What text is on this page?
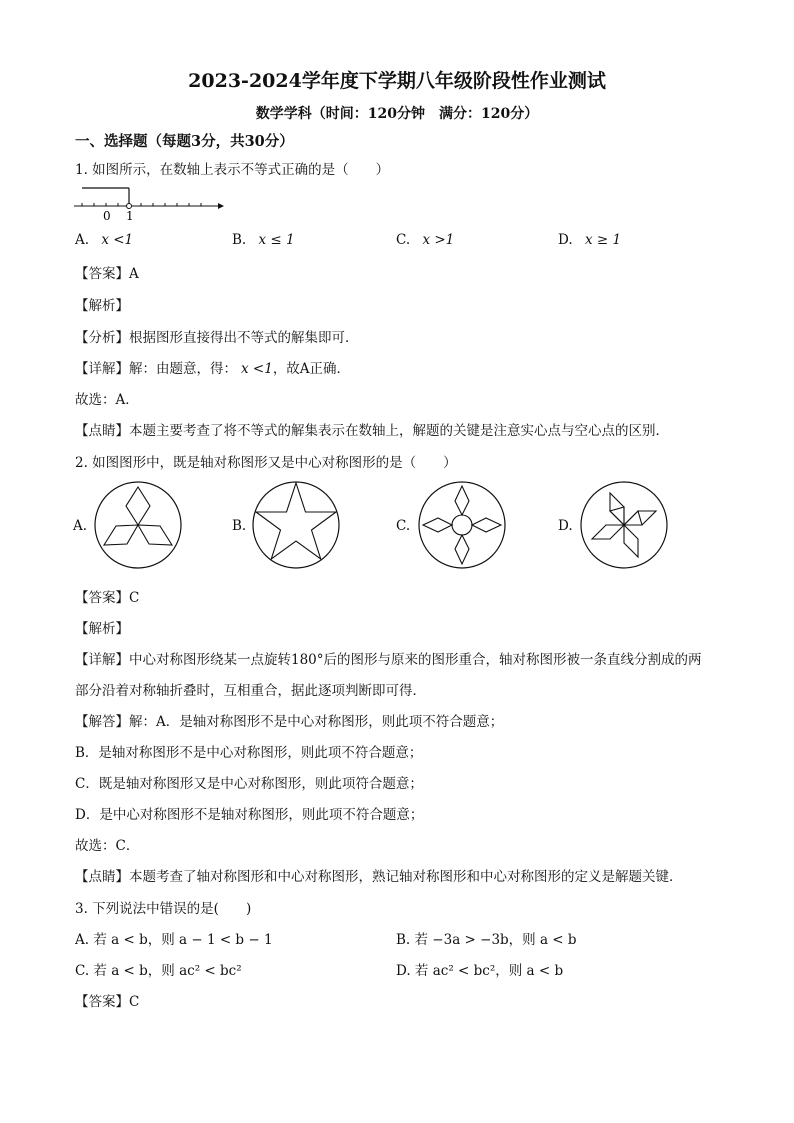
2023-2024学年度下学期八年级阶段性作业测试
数学学科（时间：120分钟　满分：120分）
一、选择题（每题3分，共30分）
1. 如图所示，在数轴上表示不等式正确的是（　　）
0 1
A. x <1	B. x ≤ 1	C. x >1	D. x ≥ 1
【答案】A
【解析】
【分析】根据图形直接得出不等式的解集即可．
【详解】解：由题意，得： x <1，故A正确．
故选：A．
【点睛】本题主要考查了将不等式的解集表示在数轴上，解题的关键是注意实心点与空心点的区别．
2. 如图图形中，既是轴对称图形又是中心对称图形的是（　　）
A.	B.	C.	D.
【答案】C
【解析】
【详解】中心对称图形绕某一点旋转180°后的图形与原来的图形重合，轴对称图形被一条直线分割成的两
部分沿着对称轴折叠时，互相重合，据此逐项判断即可得．
【解答】解：A．是轴对称图形不是中心对称图形，则此项不符合题意；
B．是轴对称图形不是中心对称图形，则此项不符合题意；
C．既是轴对称图形又是中心对称图形，则此项符合题意；
D．是中心对称图形不是轴对称图形，则此项不符合题意；
故选：C．
【点睛】本题考查了轴对称图形和中心对称图形，熟记轴对称图形和中心对称图形的定义是解题关键．
3. 下列说法中错误的是(　　)
A. 若 a < b，则 a − 1 < b − 1	B. 若 −3a > −3b，则 a < b
C. 若 a < b，则 ac² < bc²	D. 若 ac² < bc²，则 a < b
【答案】C
